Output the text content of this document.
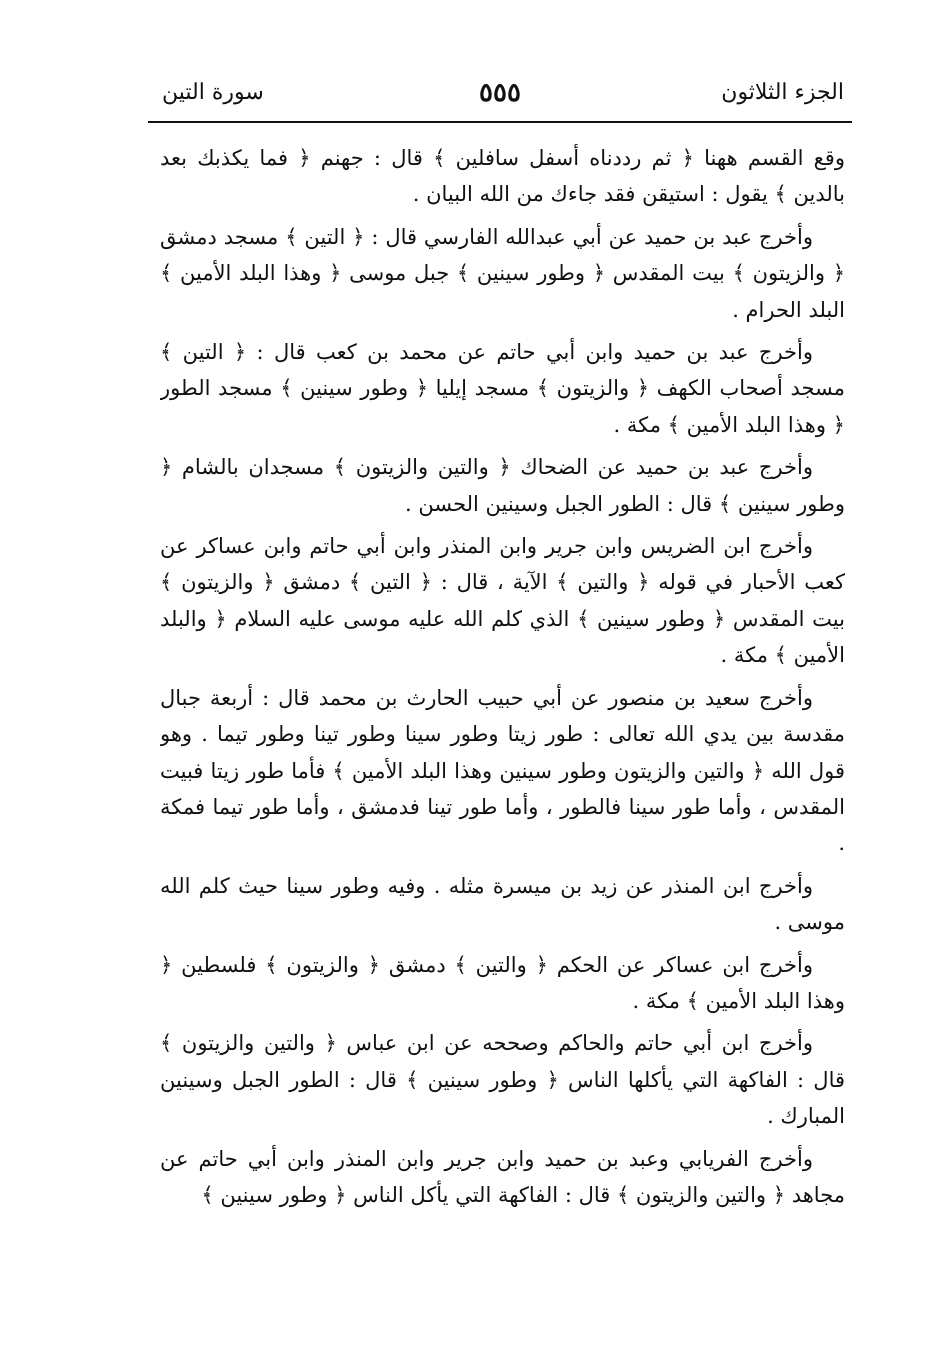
الجزء الثلاثون
٥٥٥
سورة التين

وقع القسم ههنا ﴿ ثم رددناه أسفل سافلين ﴾ قال : جهنم ﴿ فما يكذبك بعد بالدين ﴾ يقول : استيقن فقد جاءك من الله البيان .

وأخرج عبد بن حميد عن أبي عبدالله الفارسي قال : ﴿ التين ﴾ مسجد دمشق ﴿ والزيتون ﴾ بيت المقدس ﴿ وطور سينين ﴾ جبل موسى ﴿ وهذا البلد الأمين ﴾ البلد الحرام .

وأخرج عبد بن حميد وابن أبي حاتم عن محمد بن كعب قال : ﴿ التين ﴾ مسجد أصحاب الكهف ﴿ والزيتون ﴾ مسجد إيليا ﴿ وطور سينين ﴾ مسجد الطور ﴿ وهذا البلد الأمين ﴾ مكة .

وأخرج عبد بن حميد عن الضحاك ﴿ والتين والزيتون ﴾ مسجدان بالشام ﴿ وطور سينين ﴾ قال : الطور الجبل وسينين الحسن .

وأخرج ابن الضريس وابن جرير وابن المنذر وابن أبي حاتم وابن عساكر عن كعب الأحبار في قوله ﴿ والتين ﴾ الآية ، قال : ﴿ التين ﴾ دمشق ﴿ والزيتون ﴾ بيت المقدس ﴿ وطور سينين ﴾ الذي كلم الله عليه موسى عليه السلام ﴿ والبلد الأمين ﴾ مكة .

وأخرج سعيد بن منصور عن أبي حبيب الحارث بن محمد قال : أربعة جبال مقدسة بين يدي الله تعالى : طور زيتا وطور سينا وطور تينا وطور تيما . وهو قول الله ﴿ والتين والزيتون وطور سينين وهذا البلد الأمين ﴾ فأما طور زيتا فبيت المقدس ، وأما طور سينا فالطور ، وأما طور تينا فدمشق ، وأما طور تيما فمكة .

وأخرج ابن المنذر عن زيد بن ميسرة مثله . وفيه وطور سينا حيث كلم الله موسى .

وأخرج ابن عساكر عن الحكم ﴿ والتين ﴾ دمشق ﴿ والزيتون ﴾ فلسطين ﴿ وهذا البلد الأمين ﴾ مكة .

وأخرج ابن أبي حاتم والحاكم وصححه عن ابن عباس ﴿ والتين والزيتون ﴾ قال : الفاكهة التي يأكلها الناس ﴿ وطور سينين ﴾ قال : الطور الجبل وسينين المبارك .

وأخرج الفريابي وعبد بن حميد وابن جرير وابن المنذر وابن أبي حاتم عن مجاهد ﴿ والتين والزيتون ﴾ قال : الفاكهة التي يأكل الناس ﴿ وطور سينين ﴾
